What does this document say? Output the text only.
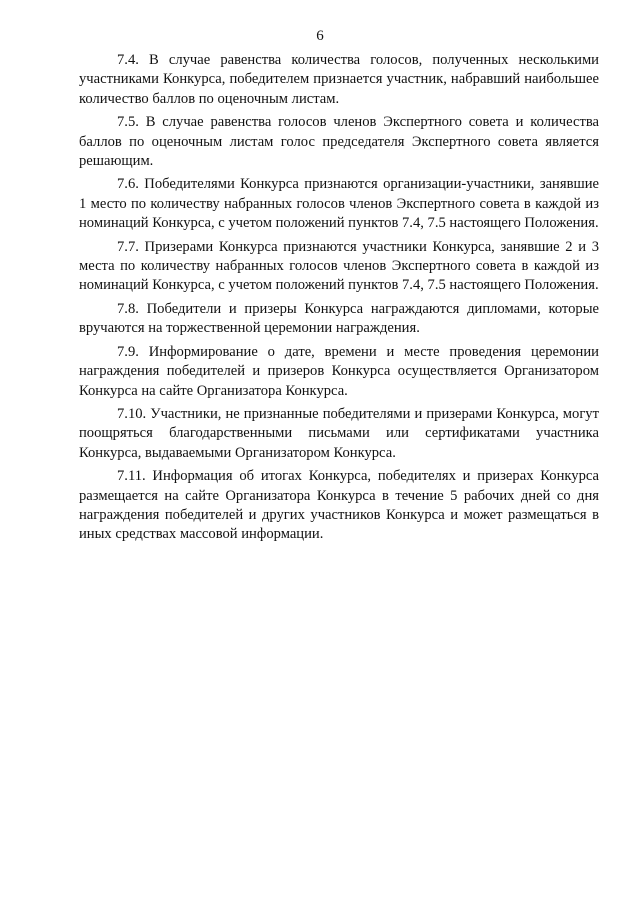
6

7.4. В случае равенства количества голосов, полученных несколькими участниками Конкурса, победителем признается участник, набравший наибольшее количество баллов по оценочным листам.

7.5. В случае равенства голосов членов Экспертного совета и количества баллов по оценочным листам голос председателя Экспертного совета является решающим.

7.6. Победителями Конкурса признаются организации-участники, занявшие 1 место по количеству набранных голосов членов Экспертного совета в каждой из номинаций Конкурса, с учетом положений пунктов 7.4, 7.5 настоящего Положения.

7.7. Призерами Конкурса признаются участники Конкурса, занявшие 2 и 3 места по количеству набранных голосов членов Экспертного совета в каждой из номинаций Конкурса, с учетом положений пунктов 7.4, 7.5 настоящего Положения.

7.8. Победители и призеры Конкурса награждаются дипломами, которые вручаются на торжественной церемонии награждения.

7.9. Информирование о дате, времени и месте проведения церемонии награждения победителей и призеров Конкурса осуществляется Организатором Конкурса на сайте Организатора Конкурса.

7.10. Участники, не признанные победителями и призерами Конкурса, могут поощряться благодарственными письмами или сертификатами участника Конкурса, выдаваемыми Организатором Конкурса.

7.11. Информация об итогах Конкурса, победителях и призерах Конкурса размещается на сайте Организатора Конкурса в течение 5 рабочих дней со дня награждения победителей и других участников Конкурса и может размещаться в иных средствах массовой информации.
